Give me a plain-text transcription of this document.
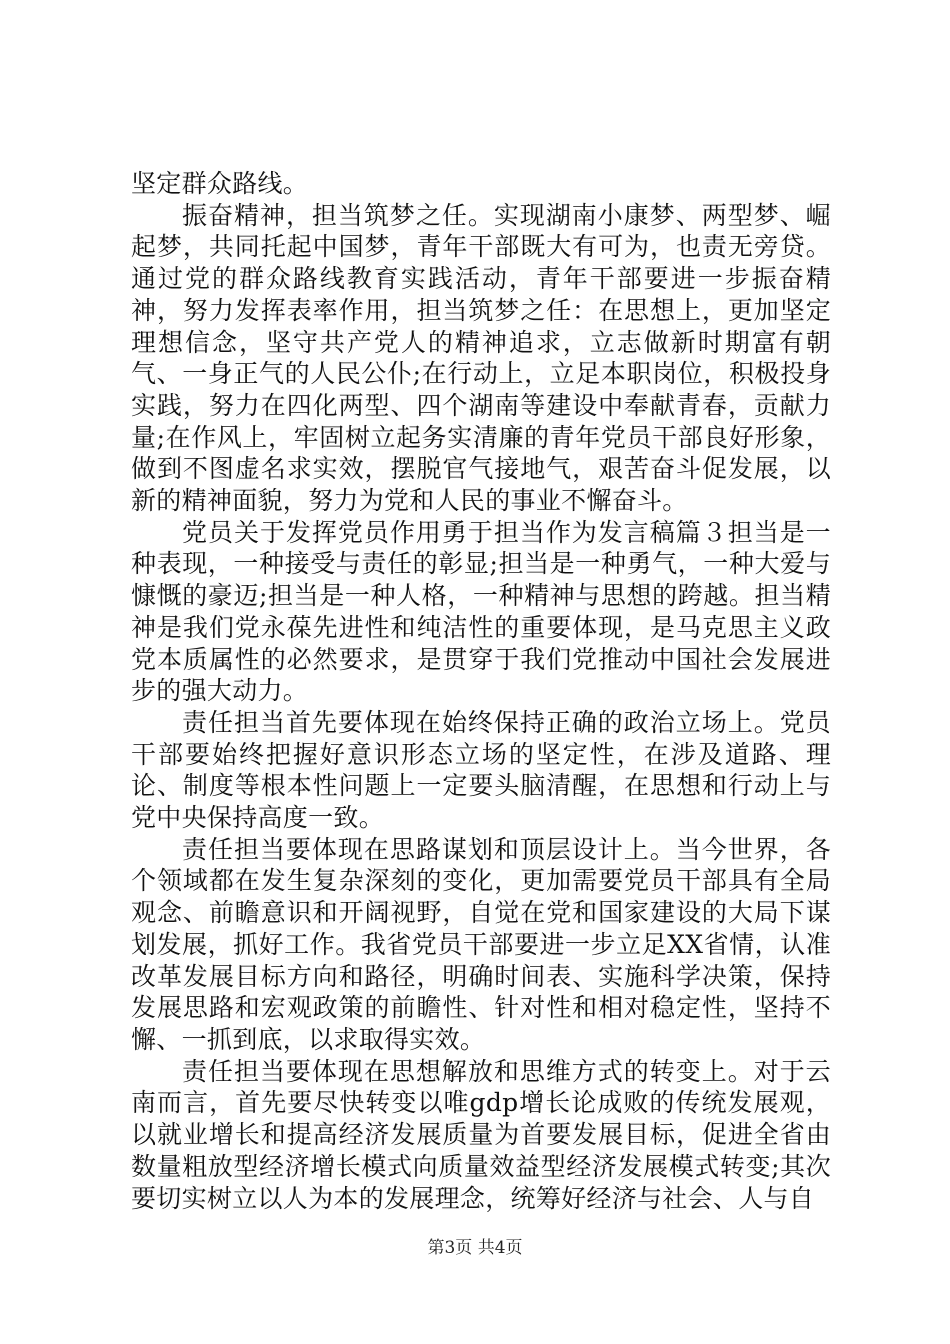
坚定群众路线。

振奋精神，担当筑梦之任。实现湖南小康梦、两型梦、崛起梦，共同托起中国梦，青年干部既大有可为，也责无旁贷。通过党的群众路线教育实践活动，青年干部要进一步振奋精神，努力发挥表率作用，担当筑梦之任：在思想上，更加坚定理想信念，坚守共产党人的精神追求，立志做新时期富有朝气、一身正气的人民公仆;在行动上，立足本职岗位，积极投身实践，努力在四化两型、四个湖南等建设中奉献青春，贡献力量;在作风上，牢固树立起务实清廉的青年党员干部良好形象，做到不图虚名求实效，摆脱官气接地气，艰苦奋斗促发展，以新的精神面貌，努力为党和人民的事业不懈奋斗。

党员关于发挥党员作用勇于担当作为发言稿篇３担当是一种表现，一种接受与责任的彰显;担当是一种勇气，一种大爱与慷慨的豪迈;担当是一种人格，一种精神与思想的跨越。担当精神是我们党永葆先进性和纯洁性的重要体现，是马克思主义政党本质属性的必然要求，是贯穿于我们党推动中国社会发展进步的强大动力。

责任担当首先要体现在始终保持正确的政治立场上。党员干部要始终把握好意识形态立场的坚定性，在涉及道路、理论、制度等根本性问题上一定要头脑清醒，在思想和行动上与党中央保持高度一致。

责任担当要体现在思路谋划和顶层设计上。当今世界，各个领域都在发生复杂深刻的变化，更加需要党员干部具有全局观念、前瞻意识和开阔视野，自觉在党和国家建设的大局下谋划发展，抓好工作。我省党员干部要进一步立足XX省情，认准改革发展目标方向和路径，明确时间表、实施科学决策，保持发展思路和宏观政策的前瞻性、针对性和相对稳定性，坚持不懈、一抓到底，以求取得实效。

责任担当要体现在思想解放和思维方式的转变上。对于云南而言，首先要尽快转变以唯gdp增长论成败的传统发展观，以就业增长和提高经济发展质量为首要发展目标，促进全省由数量粗放型经济增长模式向质量效益型经济发展模式转变;其次要切实树立以人为本的发展理念，统筹好经济与社会、人与自

第3页 共4页
